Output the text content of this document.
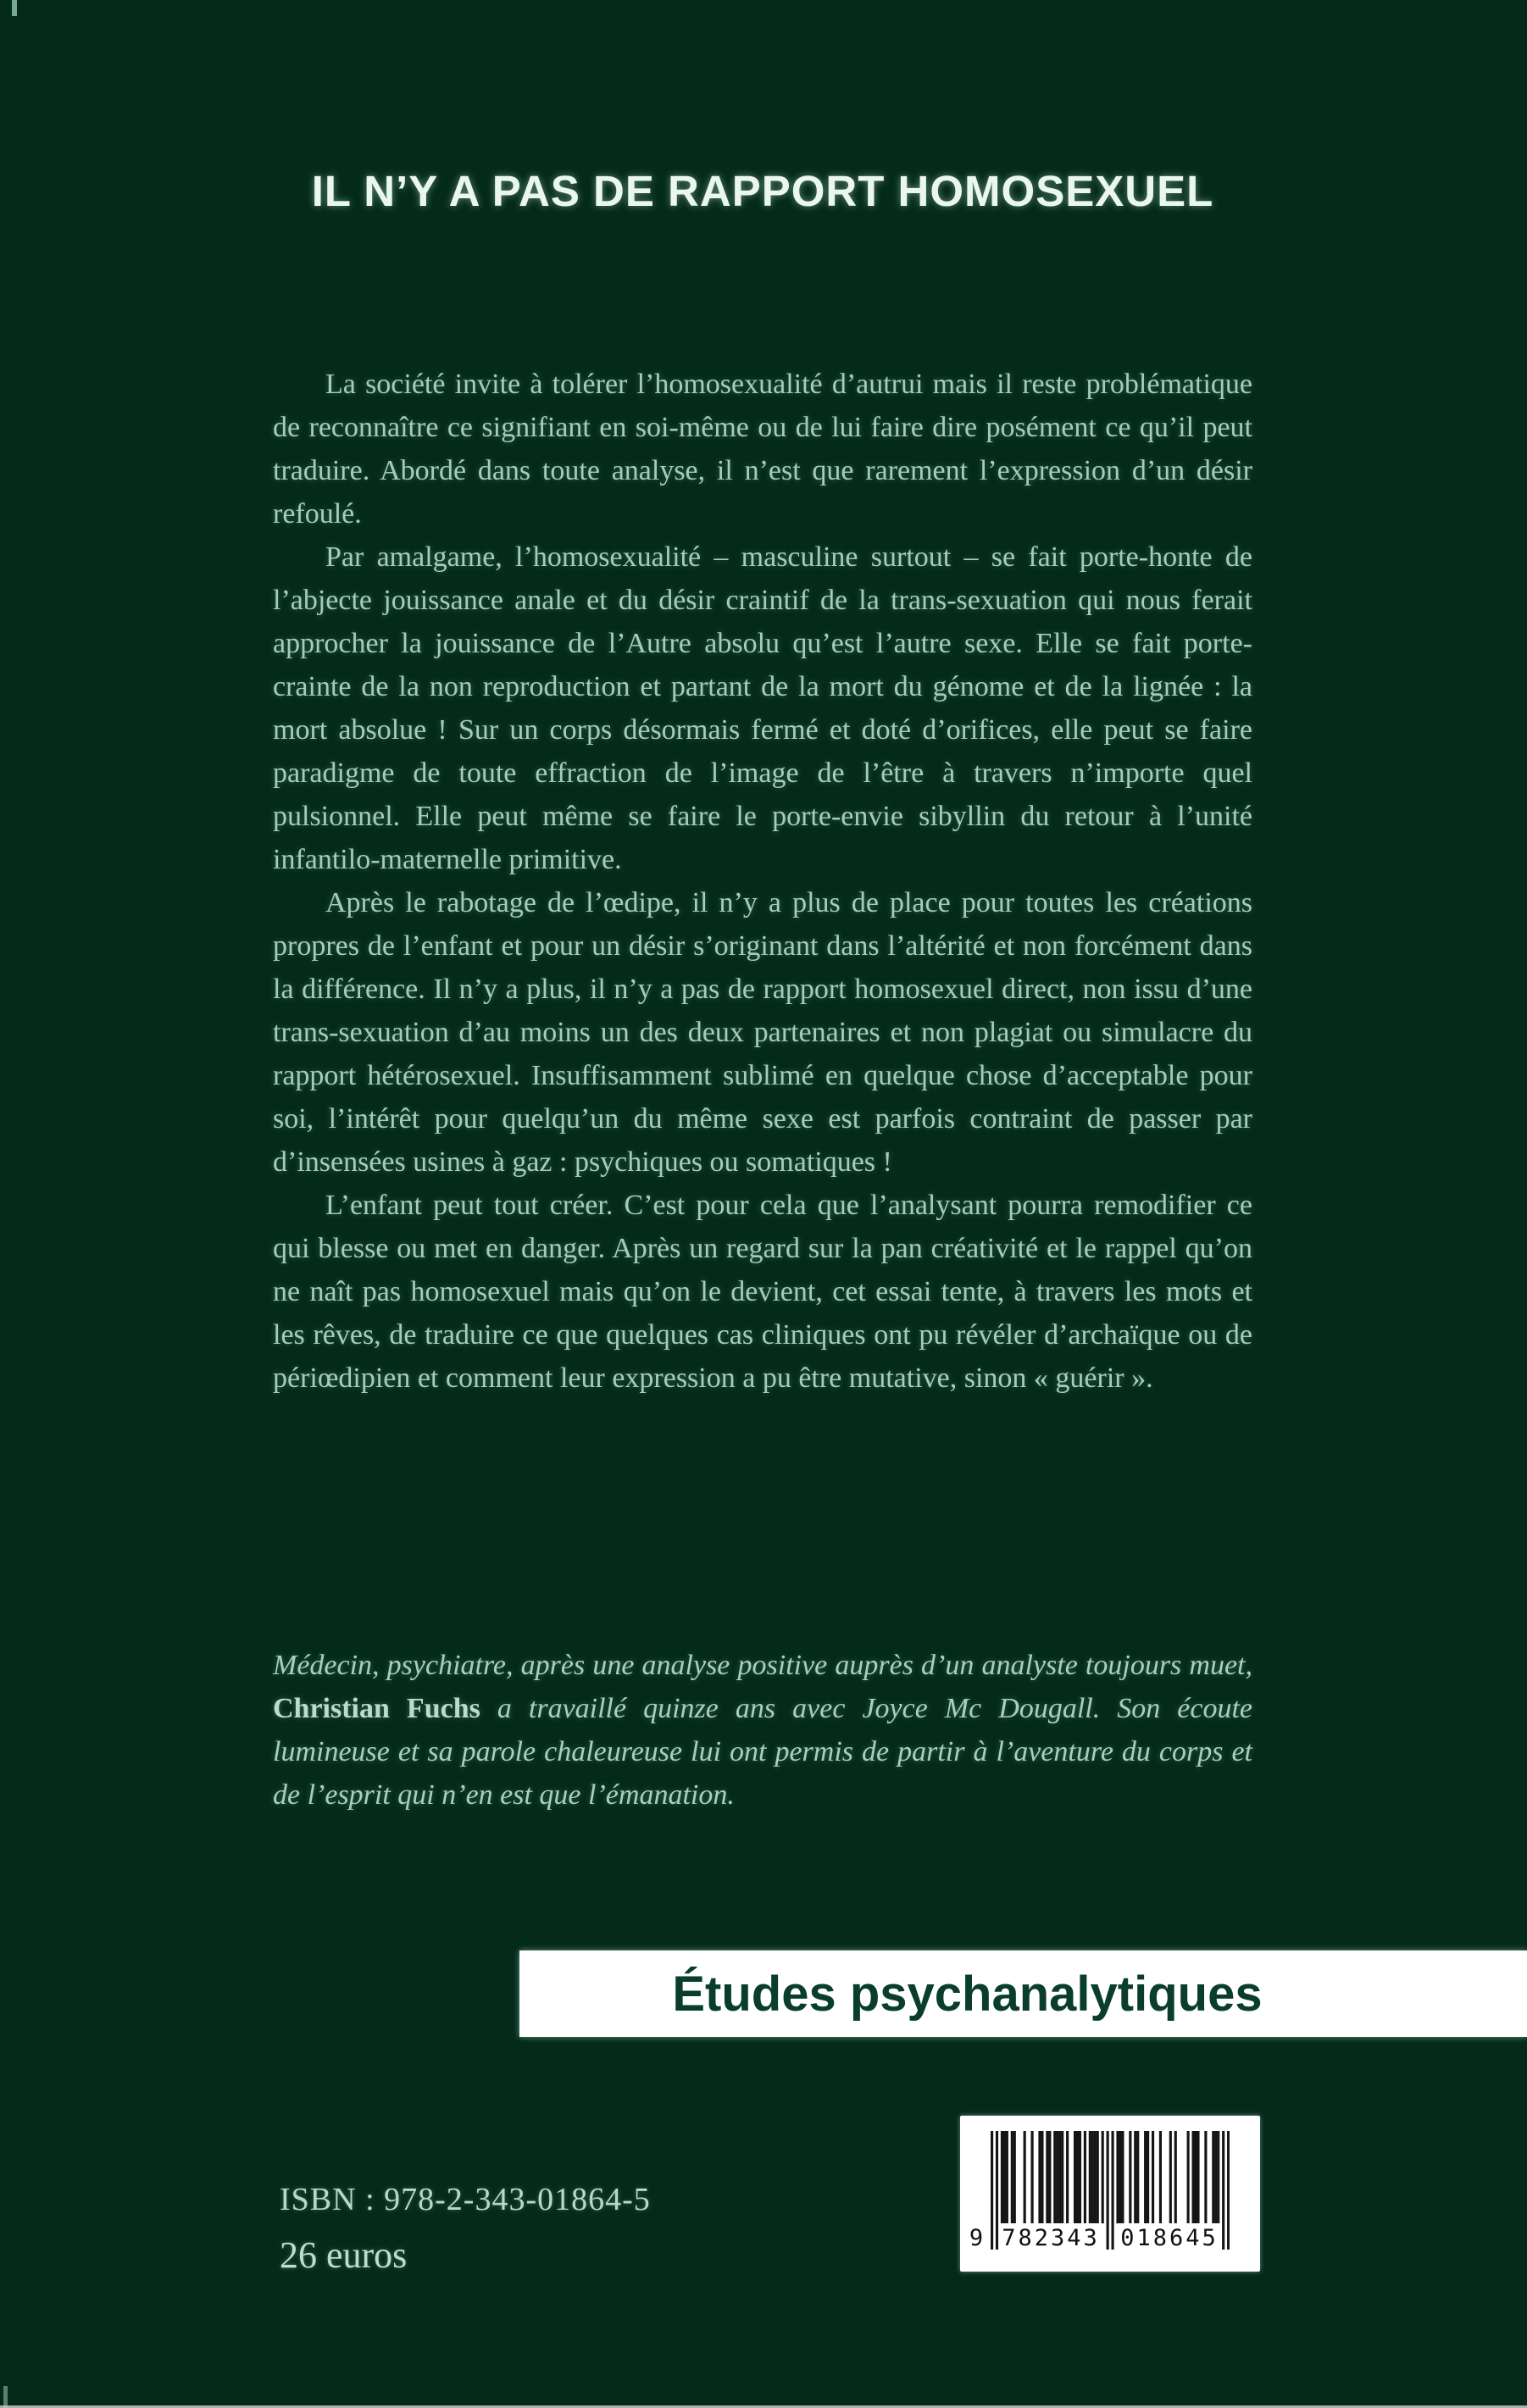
IL N’Y A PAS DE RAPPORT HOMOSEXUEL

La société invite à tolérer l’homosexualité d’autrui mais il reste problématique de reconnaître ce signifiant en soi-même ou de lui faire dire posément ce qu’il peut traduire. Abordé dans toute analyse, il n’est que rarement l’expression d’un désir refoulé.

Par amalgame, l’homosexualité – masculine surtout – se fait porte-honte de l’abjecte jouissance anale et du désir craintif de la trans-sexuation qui nous ferait approcher la jouissance de l’Autre absolu qu’est l’autre sexe. Elle se fait porte-crainte de la non reproduction et partant de la mort du génome et de la lignée : la mort absolue ! Sur un corps désormais fermé et doté d’orifices, elle peut se faire paradigme de toute effraction de l’image de l’être à travers n’importe quel pulsionnel. Elle peut même se faire le porte-envie sibyllin du retour à l’unité infantilo-maternelle primitive.

Après le rabotage de l’œdipe, il n’y a plus de place pour toutes les créations propres de l’enfant et pour un désir s’originant dans l’altérité et non forcément dans la différence. Il n’y a plus, il n’y a pas de rapport homosexuel direct, non issu d’une trans-sexuation d’au moins un des deux partenaires et non plagiat ou simulacre du rapport hétérosexuel. Insuffisamment sublimé en quelque chose d’acceptable pour soi, l’intérêt pour quelqu’un du même sexe est parfois contraint de passer par d’insensées usines à gaz : psychiques ou somatiques !

L’enfant peut tout créer. C’est pour cela que l’analysant pourra remodifier ce qui blesse ou met en danger. Après un regard sur la pan créativité et le rappel qu’on ne naît pas homosexuel mais qu’on le devient, cet essai tente, à travers les mots et les rêves, de traduire ce que quelques cas cliniques ont pu révéler d’archaïque ou de périœdipien et comment leur expression a pu être mutative, sinon « guérir ».

Médecin, psychiatre, après une analyse positive auprès d’un analyste toujours muet, Christian Fuchs a travaillé quinze ans avec Joyce Mc Dougall. Son écoute lumineuse et sa parole chaleureuse lui ont permis de partir à l’aventure du corps et de l’esprit qui n’en est que l’émanation.
Études psychanalytiques
ISBN : 978-2-343-01864-5
26 euros	9 782343 018645
